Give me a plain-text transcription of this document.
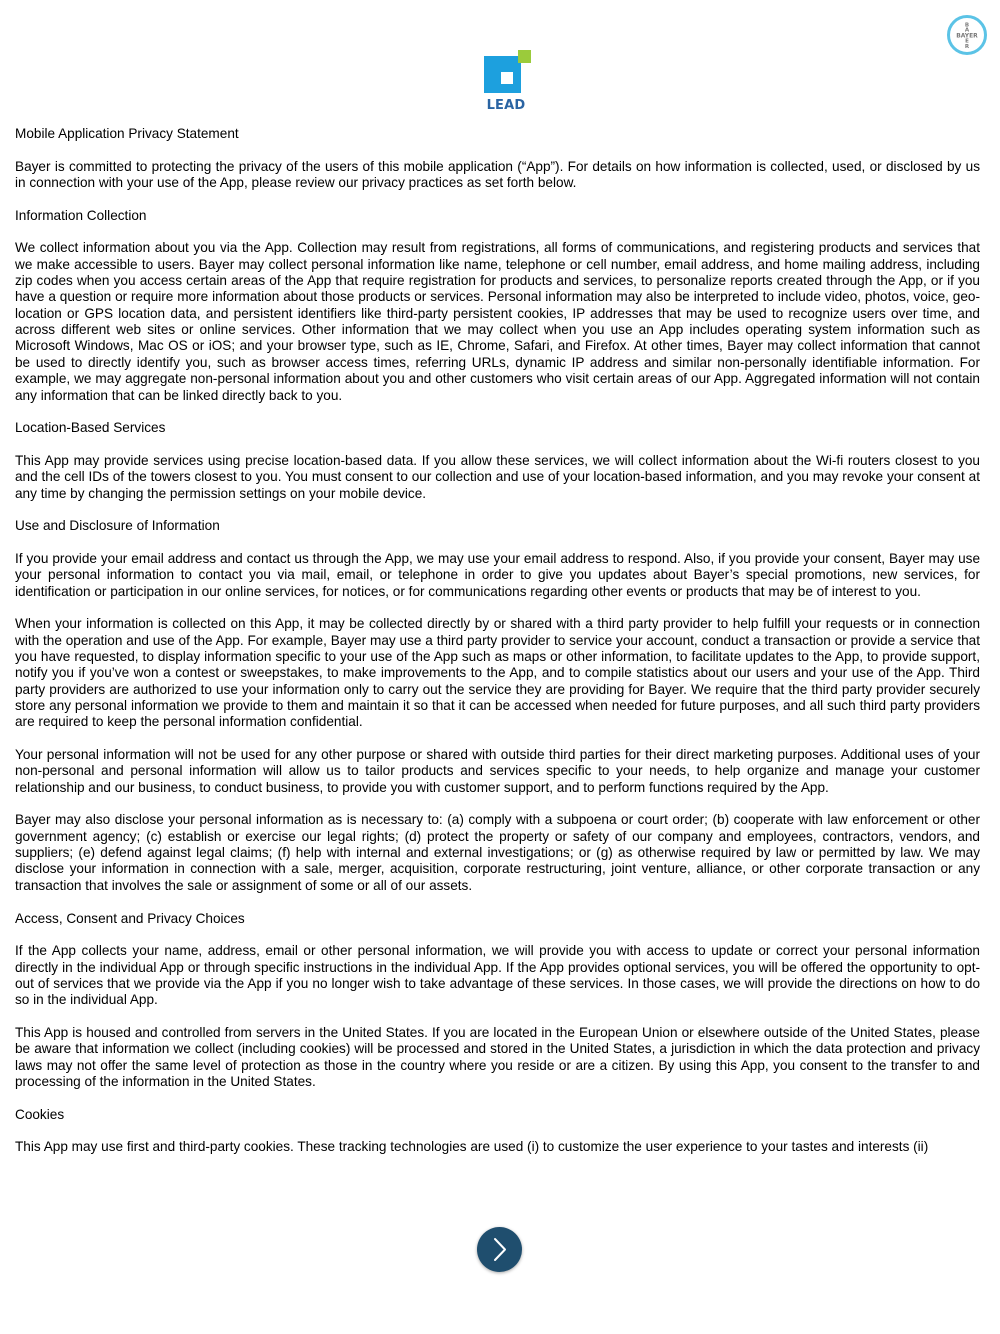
B
A
BAYER
E
R
LEAD
Mobile Application Privacy Statement

Bayer is committed to protecting the privacy of the users of this mobile application (“App”). For details on how information is collected, used, or disclosed by us in connection with your use of the App, please review our privacy practices as set forth below.

Information Collection

We collect information about you via the App. Collection may result from registrations, all forms of communications, and registering products and services that we make accessible to users. Bayer may collect personal information like name, telephone or cell number, email address, and home mailing address, including zip codes when you access certain areas of the App that require registration for products and services, to personalize reports created through the App, or if you have a question or require more information about those products or services. Personal information may also be interpreted to include video, photos, voice, geo-location or GPS location data, and persistent identifiers like third-party persistent cookies, IP addresses that may be used to recognize users over time, and across different web sites or online services. Other information that we may collect when you use an App includes operating system information such as Microsoft Windows, Mac OS or iOS; and your browser type, such as IE, Chrome, Safari, and Firefox. At other times, Bayer may collect information that cannot be used to directly identify you, such as browser access times, referring URLs, dynamic IP address and similar non-personally identifiable information. For example, we may aggregate non-personal information about you and other customers who visit certain areas of our App. Aggregated information will not contain any information that can be linked directly back to you.

Location-Based Services

This App may provide services using precise location-based data. If you allow these services, we will collect information about the Wi-fi routers closest to you and the cell IDs of the towers closest to you. You must consent to our collection and use of your location-based information, and you may revoke your consent at any time by changing the permission settings on your mobile device.

Use and Disclosure of Information

If you provide your email address and contact us through the App, we may use your email address to respond. Also, if you provide your consent, Bayer may use your personal information to contact you via mail, email, or telephone in order to give you updates about Bayer’s special promotions, new services, for identification or participation in our online services, for notices, or for communications regarding other events or products that may be of interest to you.

When your information is collected on this App, it may be collected directly by or shared with a third party provider to help fulfill your requests or in connection with the operation and use of the App. For example, Bayer may use a third party provider to service your account, conduct a transaction or provide a service that you have requested, to display information specific to your use of the App such as maps or other information, to facilitate updates to the App, to provide support, notify you if you’ve won a contest or sweepstakes, to make improvements to the App, and to compile statistics about our users and your use of the App. Third party providers are authorized to use your information only to carry out the service they are providing for Bayer. We require that the third party provider securely store any personal information we provide to them and maintain it so that it can be accessed when needed for future purposes, and all such third party providers are required to keep the personal information confidential.

Your personal information will not be used for any other purpose or shared with outside third parties for their direct marketing purposes. Additional uses of your non-personal and personal information will allow us to tailor products and services specific to your needs, to help organize and manage your customer relationship and our business, to conduct business, to provide you with customer support, and to perform functions required by the App.

Bayer may also disclose your personal information as is necessary to: (a) comply with a subpoena or court order; (b) cooperate with law enforcement or other government agency; (c) establish or exercise our legal rights; (d) protect the property or safety of our company and employees, contractors, vendors, and suppliers; (e) defend against legal claims; (f) help with internal and external investigations; or (g) as otherwise required by law or permitted by law. We may disclose your information in connection with a sale, merger, acquisition, corporate restructuring, joint venture, alliance, or other corporate transaction or any transaction that involves the sale or assignment of some or all of our assets.

Access, Consent and Privacy Choices

If the App collects your name, address, email or other personal information, we will provide you with access to update or correct your personal information directly in the individual App or through specific instructions in the individual App. If the App provides optional services, you will be offered the opportunity to opt-out of services that we provide via the App if you no longer wish to take advantage of these services. In those cases, we will provide the directions on how to do so in the individual App.

This App is housed and controlled from servers in the United States. If you are located in the European Union or elsewhere outside of the United States, please be aware that information we collect (including cookies) will be processed and stored in the United States, a jurisdiction in which the data protection and privacy laws may not offer the same level of protection as those in the country where you reside or are a citizen. By using this App, you consent to the transfer to and processing of the information in the United States.

Cookies

This App may use first and third-party cookies. These tracking technologies are used (i) to customize the user experience to your tastes and interests (ii)
